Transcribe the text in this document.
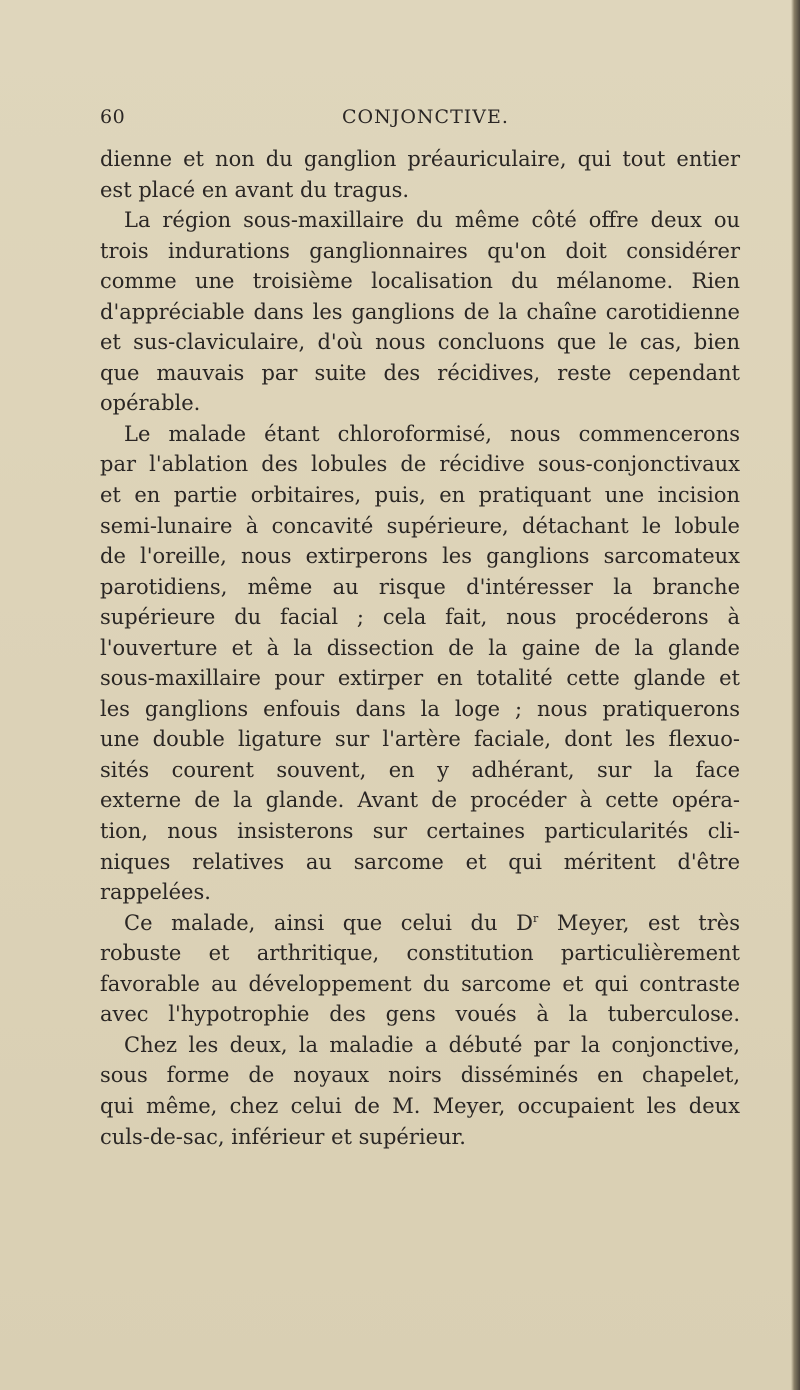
60	CONJONCTIVE.
dienne et non du ganglion préauriculaire, qui tout entier
est placé en avant du tragus.
La région sous-maxillaire du même côté offre deux ou
trois indurations ganglionnaires qu'on doit considérer
comme une troisième localisation du mélanome. Rien
d'appréciable dans les ganglions de la chaîne carotidienne
et sus-claviculaire, d'où nous concluons que le cas, bien
que mauvais par suite des récidives, reste cependant
opérable.
Le malade étant chloroformisé, nous commencerons
par l'ablation des lobules de récidive sous-conjonctivaux
et en partie orbitaires, puis, en pratiquant une incision
semi-lunaire à concavité supérieure, détachant le lobule
de l'oreille, nous extirperons les ganglions sarcomateux
parotidiens, même au risque d'intéresser la branche
supérieure du facial ; cela fait, nous procéderons à
l'ouverture et à la dissection de la gaine de la glande
sous-maxillaire pour extirper en totalité cette glande et
les ganglions enfouis dans la loge ; nous pratiquerons
une double ligature sur l'artère faciale, dont les flexuo-
sités courent souvent, en y adhérant, sur la face
externe de la glande. Avant de procéder à cette opéra-
tion, nous insisterons sur certaines particularités cli-
niques relatives au sarcome et qui méritent d'être
rappelées.
Ce malade, ainsi que celui du $D^r$ Meyer, est très
robuste et arthritique, constitution particulièrement
favorable au développement du sarcome et qui contraste
avec l'hypotrophie des gens voués à la tuberculose.
Chez les deux, la maladie a débuté par la conjonctive,
sous forme de noyaux noirs disséminés en chapelet,
qui même, chez celui de M. Meyer, occupaient les deux
culs-de-sac, inférieur et supérieur.
